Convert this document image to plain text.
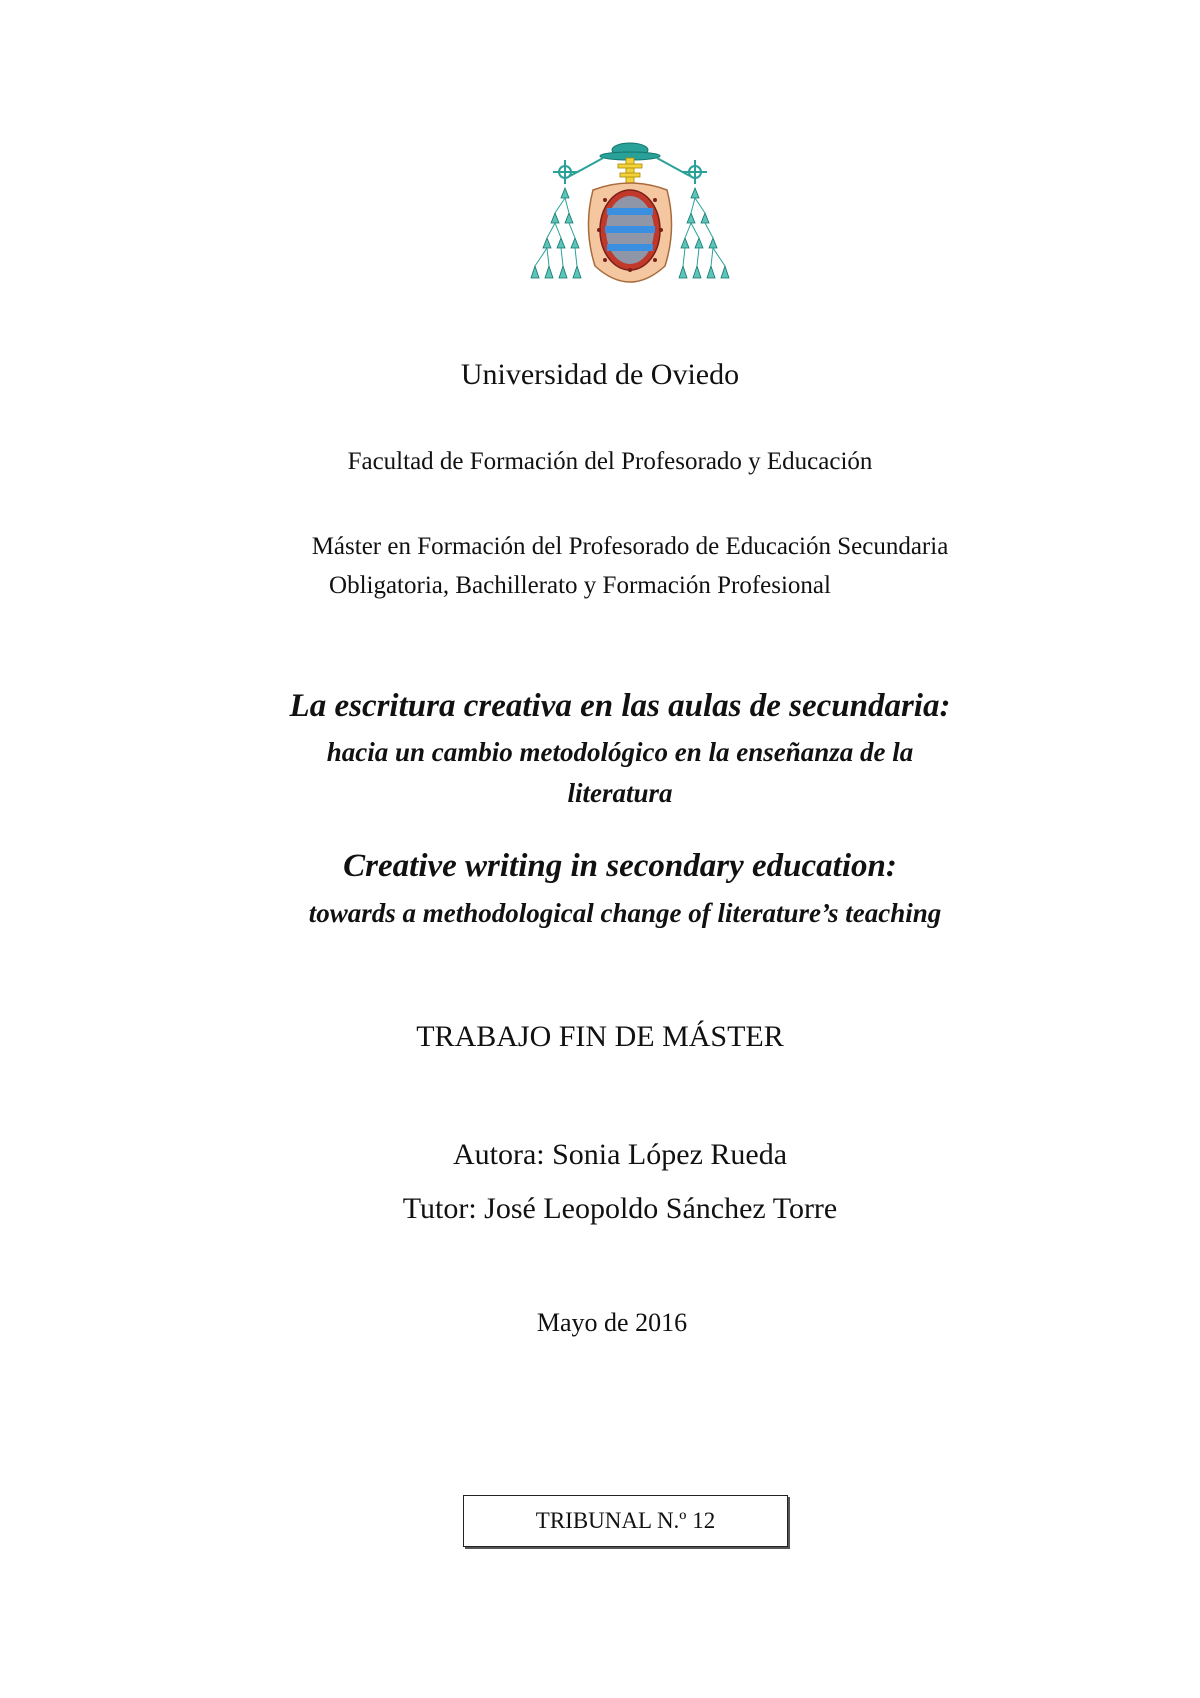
Universidad de Oviedo

Facultad de Formación del Profesorado y Educación

Máster en Formación del Profesorado de Educación Secundaria

Obligatoria, Bachillerato y Formación Profesional

La escritura creativa en las aulas de secundaria:

hacia un cambio metodológico en la enseñanza de la

literatura

Creative writing in secondary education:

towards a methodological change of literature’s teaching

TRABAJO FIN DE MÁSTER

Autora: Sonia López Rueda

Tutor: José Leopoldo Sánchez Torre

Mayo de 2016

TRIBUNAL N.º 12
